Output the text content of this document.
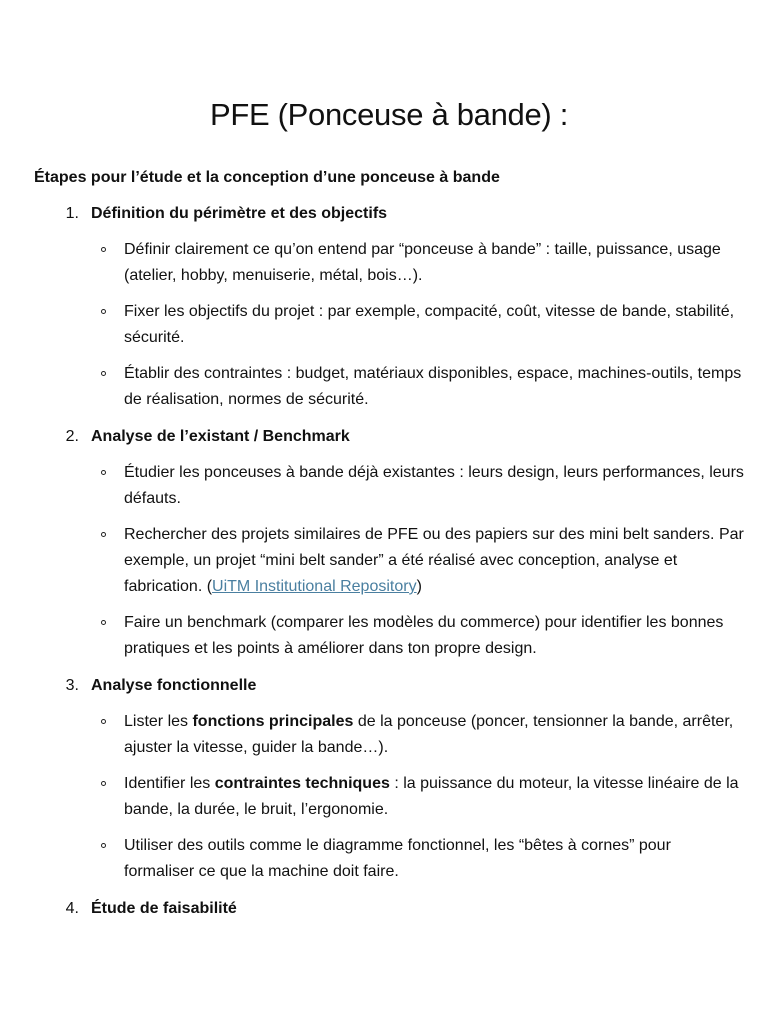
PFE (Ponceuse à bande) :

Étapes pour l’étude et la conception d’une ponceuse à bande

1. Définition du périmètre et des objectifs
Définir clairement ce qu’on entend par “ponceuse à bande” : taille, puissance, usage (atelier, hobby, menuiserie, métal, bois…).
Fixer les objectifs du projet : par exemple, compacité, coût, vitesse de bande, stabilité, sécurité.
Établir des contraintes : budget, matériaux disponibles, espace, machines-outils, temps de réalisation, normes de sécurité.
2. Analyse de l’existant / Benchmark
Étudier les ponceuses à bande déjà existantes : leurs design, leurs performances, leurs défauts.
Rechercher des projets similaires de PFE ou des papiers sur des mini belt sanders. Par exemple, un projet “mini belt sander” a été réalisé avec conception, analyse et fabrication. (UiTM Institutional Repository)
Faire un benchmark (comparer les modèles du commerce) pour identifier les bonnes pratiques et les points à améliorer dans ton propre design.
3. Analyse fonctionnelle
Lister les fonctions principales de la ponceuse (poncer, tensionner la bande, arrêter, ajuster la vitesse, guider la bande…).
Identifier les contraintes techniques : la puissance du moteur, la vitesse linéaire de la bande, la durée, le bruit, l’ergonomie.
Utiliser des outils comme le diagramme fonctionnel, les “bêtes à cornes” pour formaliser ce que la machine doit faire.
4. Étude de faisabilité
